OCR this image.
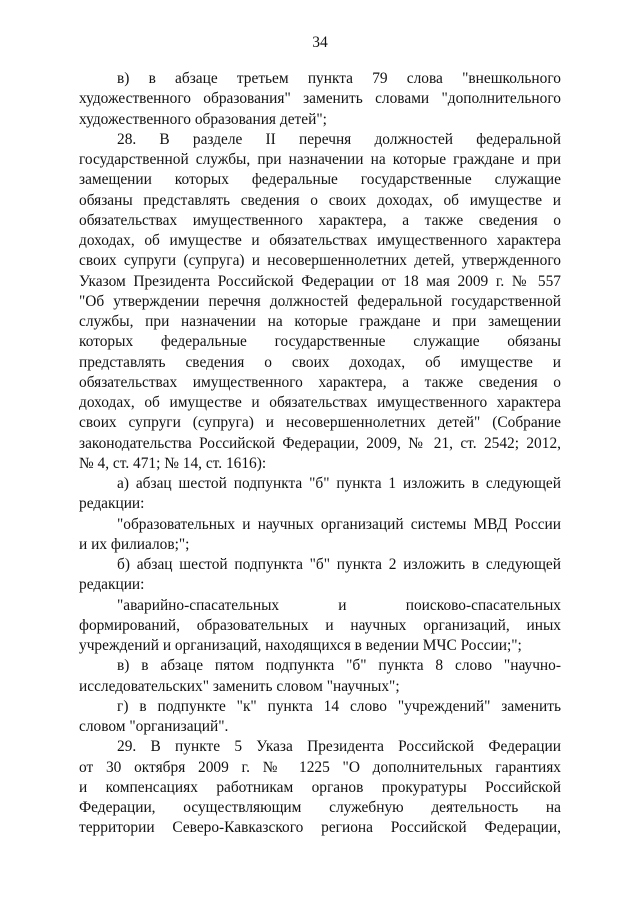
34
в) в абзаце третьем пункта 79 слова "внешкольного
художественного образования" заменить словами "дополнительного
художественного образования детей";
28. В разделе II перечня должностей федеральной
государственной службы, при назначении на которые граждане и при
замещении которых федеральные государственные служащие
обязаны представлять сведения о своих доходах, об имуществе и
обязательствах имущественного характера, а также сведения о
доходах, об имуществе и обязательствах имущественного характера
своих супруги (супруга) и несовершеннолетних детей, утвержденного
Указом Президента Российской Федерации от 18 мая 2009 г. № 557
"Об утверждении перечня должностей федеральной государственной
службы, при назначении на которые граждане и при замещении
которых федеральные государственные служащие обязаны
представлять сведения о своих доходах, об имуществе и
обязательствах имущественного характера, а также сведения о
доходах, об имуществе и обязательствах имущественного характера
своих супруги (супруга) и несовершеннолетних детей" (Собрание
законодательства Российской Федерации, 2009, № 21, ст. 2542; 2012,
№ 4, ст. 471; № 14, ст. 1616):
а) абзац шестой подпункта "б" пункта 1 изложить в следующей
редакции:
"образовательных и научных организаций системы МВД России
и их филиалов;";
б) абзац шестой подпункта "б" пункта 2 изложить в следующей
редакции:
"аварийно-спасательных и поисково-спасательных
формирований, образовательных и научных организаций, иных
учреждений и организаций, находящихся в ведении МЧС России;";
в) в абзаце пятом подпункта "б" пункта 8 слово "научно-
исследовательских" заменить словом "научных";
г) в подпункте "к" пункта 14 слово "учреждений" заменить
словом "организаций".
29. В пункте 5 Указа Президента Российской Федерации
от 30 октября 2009 г. № 1225 "О дополнительных гарантиях
и компенсациях работникам органов прокуратуры Российской
Федерации, осуществляющим служебную деятельность на
территории Северо-Кавказского региона Российской Федерации,
